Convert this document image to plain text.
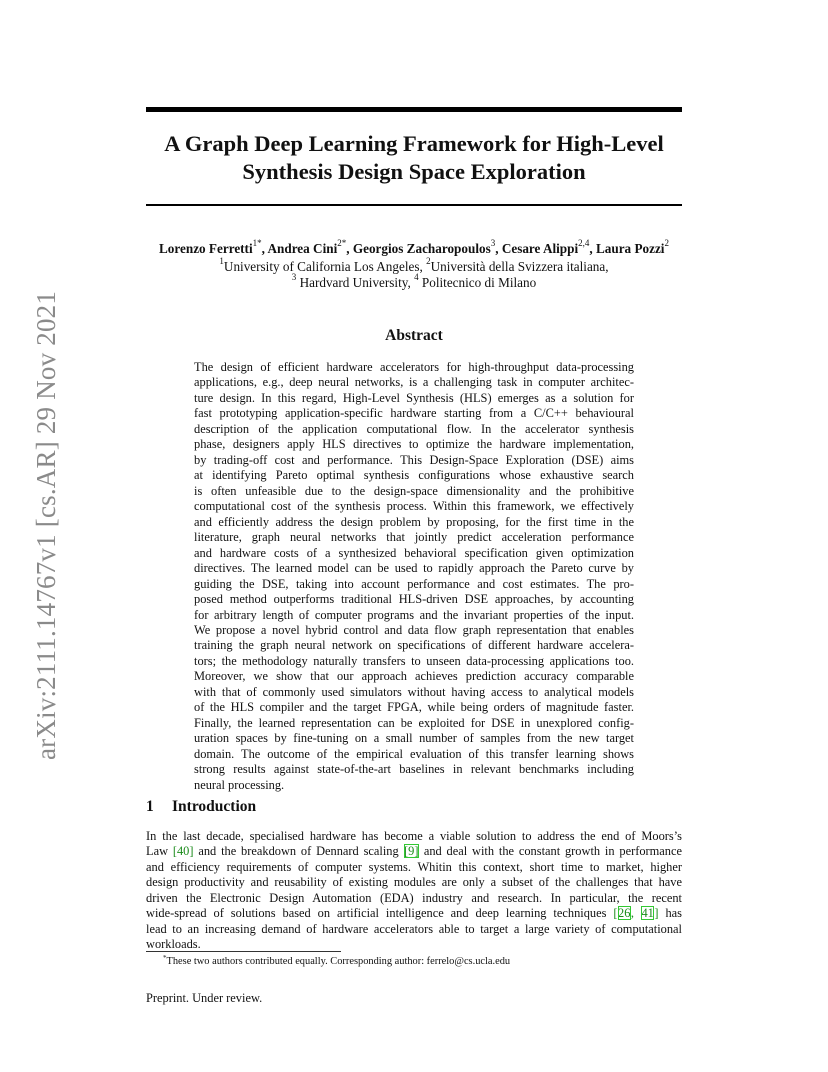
arXiv:2111.14767v1 [cs.AR] 29 Nov 2021
A Graph Deep Learning Framework for High-Level
Synthesis Design Space Exploration
Lorenzo Ferretti$^{1*}$, Andrea Cini$^{2*}$, Georgios Zacharopoulos$^3$, Cesare Alippi$^{2,4}$, Laura Pozzi$^2$
$^1$University of California Los Angeles, $^2$Università della Svizzera italiana,
$^3$ Hardvard University, $^4$ Politecnico di Milano
Abstract
The design of efficient hardware accelerators for high-throughput data-processing
applications, e.g., deep neural networks, is a challenging task in computer architec-
ture design. In this regard, High-Level Synthesis (HLS) emerges as a solution for
fast prototyping application-specific hardware starting from a C/C++ behavioural
description of the application computational flow. In the accelerator synthesis
phase, designers apply HLS directives to optimize the hardware implementation,
by trading-off cost and performance. This Design-Space Exploration (DSE) aims
at identifying Pareto optimal synthesis configurations whose exhaustive search
is often unfeasible due to the design-space dimensionality and the prohibitive
computational cost of the synthesis process. Within this framework, we effectively
and efficiently address the design problem by proposing, for the first time in the
literature, graph neural networks that jointly predict acceleration performance
and hardware costs of a synthesized behavioral specification given optimization
directives. The learned model can be used to rapidly approach the Pareto curve by
guiding the DSE, taking into account performance and cost estimates. The pro-
posed method outperforms traditional HLS-driven DSE approaches, by accounting
for arbitrary length of computer programs and the invariant properties of the input.
We propose a novel hybrid control and data flow graph representation that enables
training the graph neural network on specifications of different hardware accelera-
tors; the methodology naturally transfers to unseen data-processing applications too.
Moreover, we show that our approach achieves prediction accuracy comparable
with that of commonly used simulators without having access to analytical models
of the HLS compiler and the target FPGA, while being orders of magnitude faster.
Finally, the learned representation can be exploited for DSE in unexplored config-
uration spaces by fine-tuning on a small number of samples from the new target
domain. The outcome of the empirical evaluation of this transfer learning shows
strong results against state-of-the-art baselines in relevant benchmarks including
neural processing.
1 Introduction
In the last decade, specialised hardware has become a viable solution to address the end of Moors’s
Law [40] and the breakdown of Dennard scaling [9] and deal with the constant growth in performance
and efficiency requirements of computer systems. Whitin this context, short time to market, higher
design productivity and reusability of existing modules are only a subset of the challenges that have
driven the Electronic Design Automation (EDA) industry and research. In particular, the recent
wide-spread of solutions based on artificial intelligence and deep learning techniques [26, 41] has
lead to an increasing demand of hardware accelerators able to target a large variety of computational
workloads.
*These two authors contributed equally. Corresponding author: ferrelo@cs.ucla.edu
Preprint. Under review.
